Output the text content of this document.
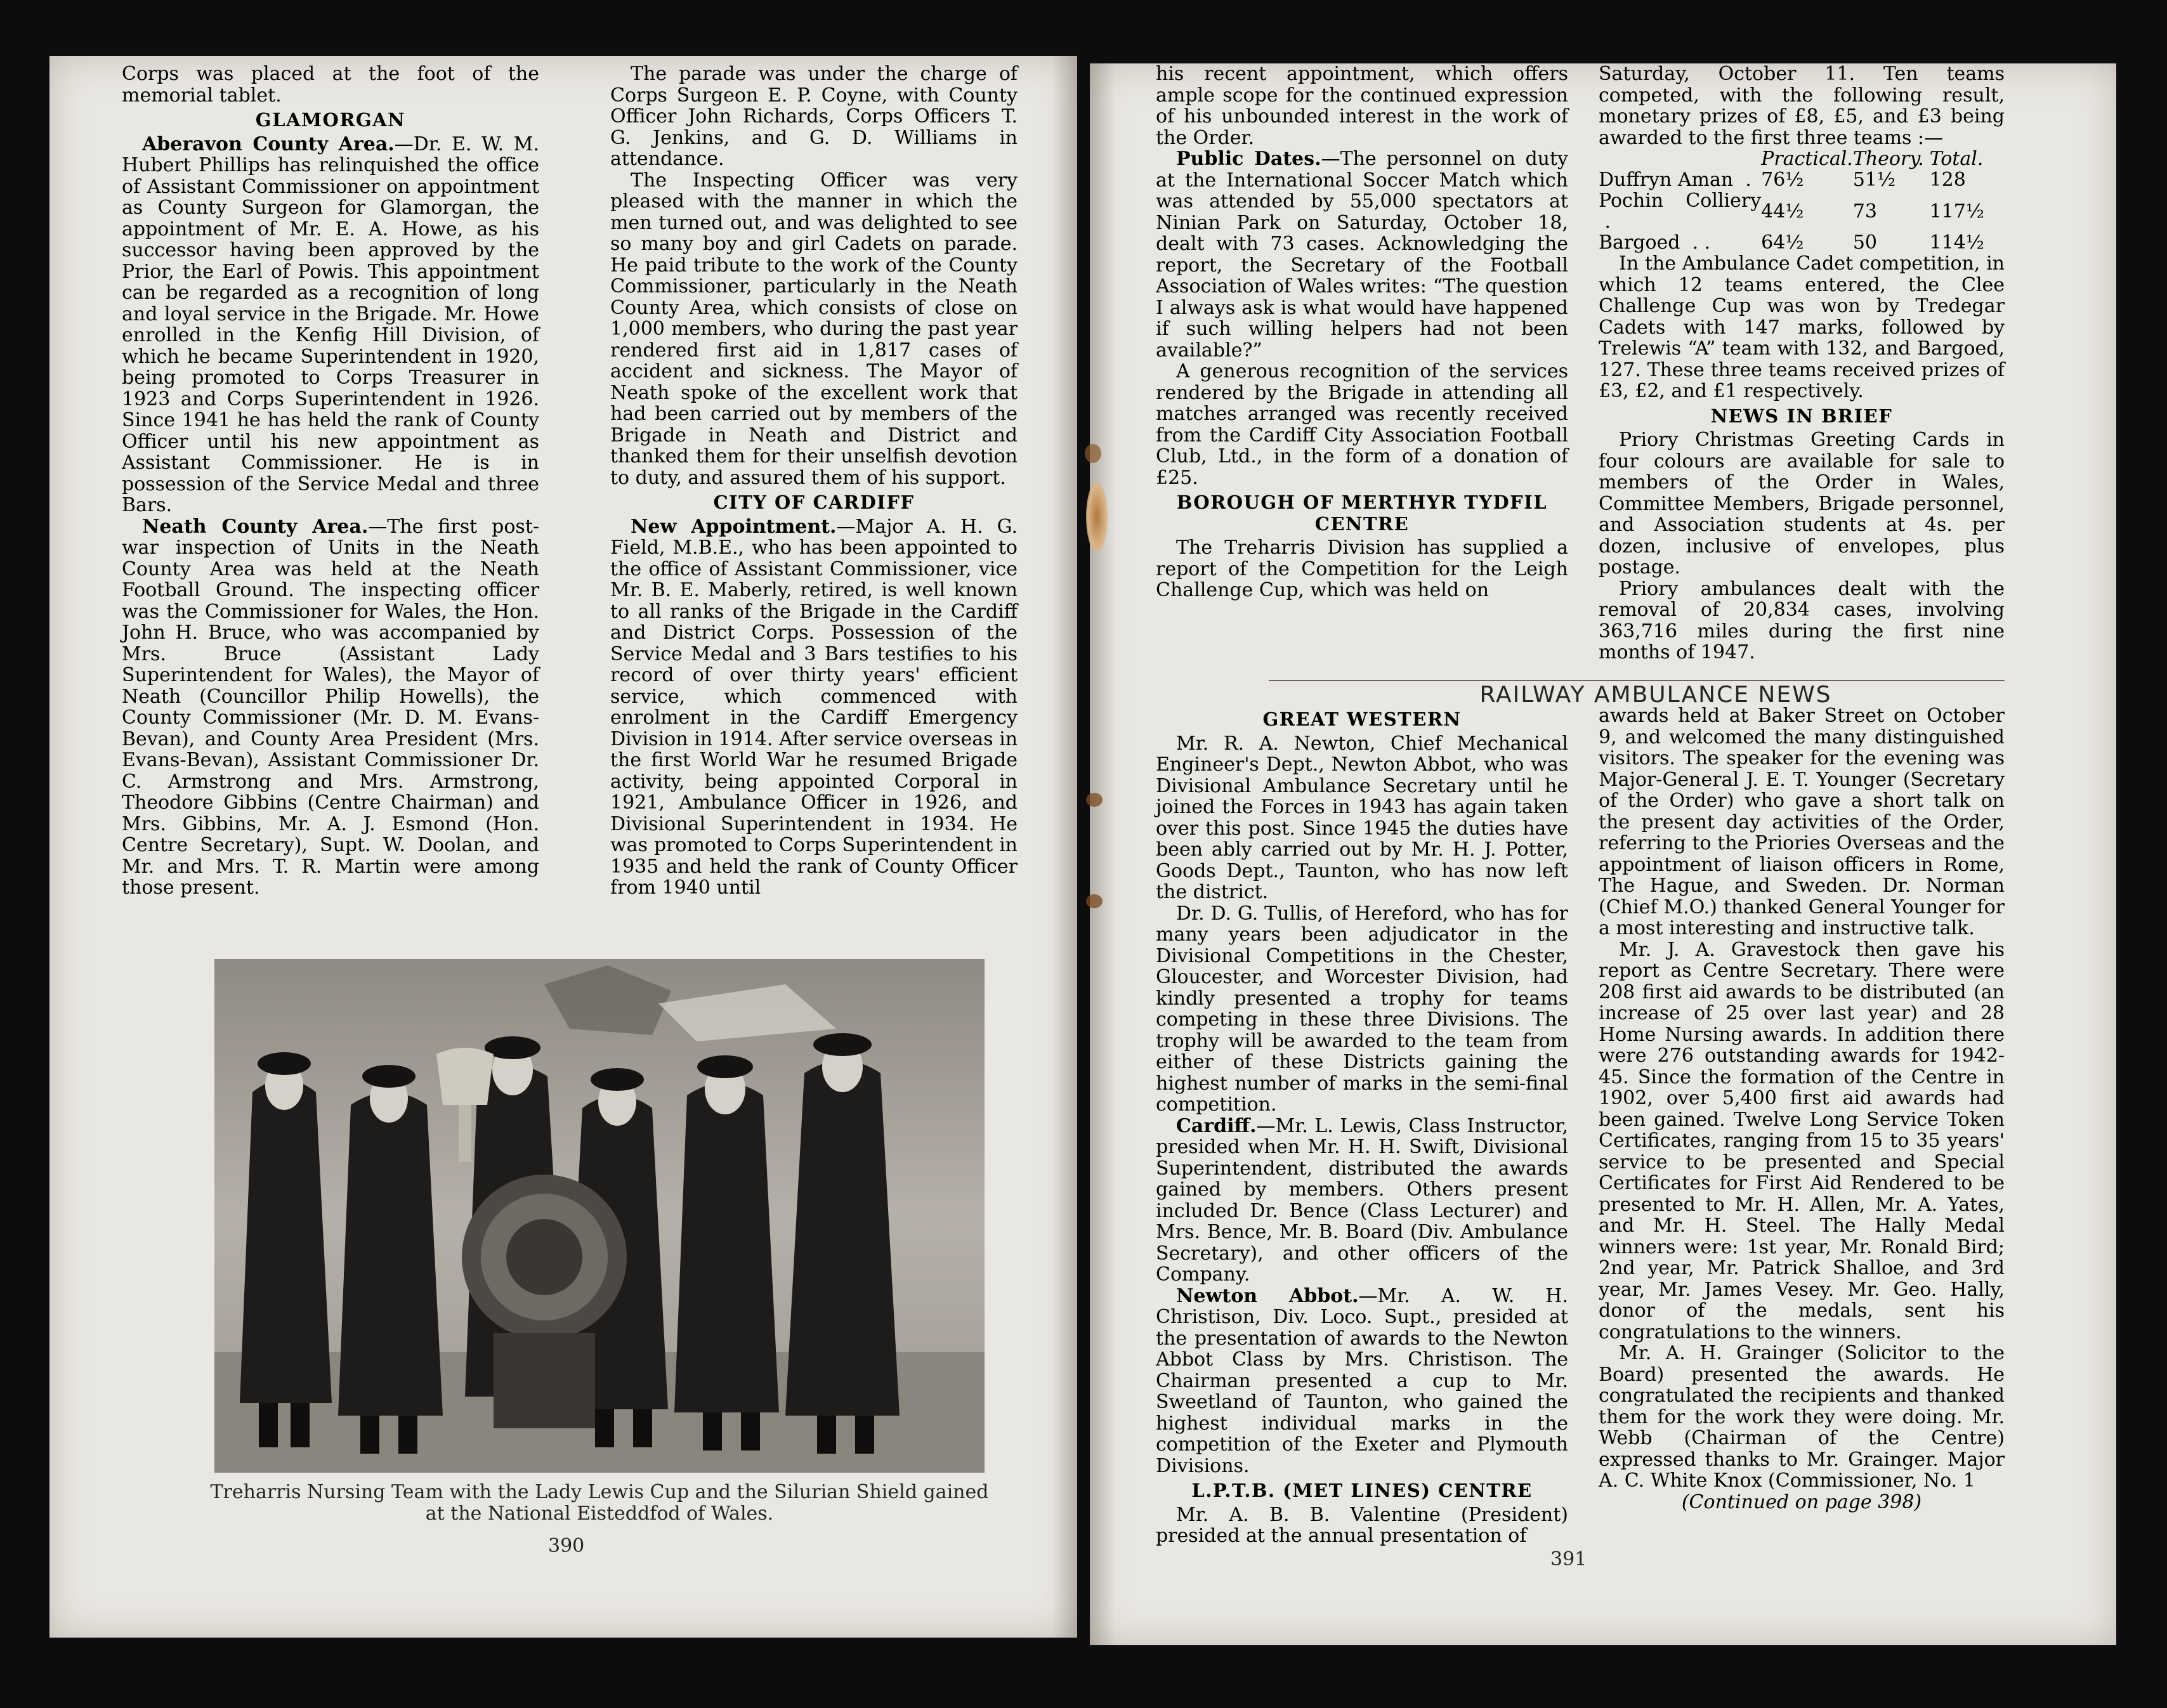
Corps was placed at the foot of the memorial tablet.

GLAMORGAN

Aberavon County Area.—Dr. E. W. M. Hubert Phillips has relinquished the office of Assistant Commissioner on appointment as County Surgeon for Glamorgan, the appointment of Mr. E. A. Howe, as his successor having been approved by the Prior, the Earl of Powis. This appointment can be regarded as a recognition of long and loyal service in the Brigade. Mr. Howe enrolled in the Kenfig Hill Division, of which he became Superintendent in 1920, being promoted to Corps Treasurer in 1923 and Corps Superintendent in 1926. Since 1941 he has held the rank of County Officer until his new appointment as Assistant Commissioner. He is in possession of the Service Medal and three Bars.

Neath County Area.—The first post-war inspection of Units in the Neath County Area was held at the Neath Football Ground. The inspecting officer was the Commissioner for Wales, the Hon. John H. Bruce, who was accompanied by Mrs. Bruce (Assistant Lady Superintendent for Wales), the Mayor of Neath (Councillor Philip Howells), the County Commissioner (Mr. D. M. Evans-Bevan), and County Area President (Mrs. Evans-Bevan), Assistant Commissioner Dr. C. Armstrong and Mrs. Armstrong, Theodore Gibbins (Centre Chairman) and Mrs. Gibbins, Mr. A. J. Esmond (Hon. Centre Secretary), Supt. W. Doolan, and Mr. and Mrs. T. R. Martin were among those present.

The parade was under the charge of Corps Surgeon E. P. Coyne, with County Officer John Richards, Corps Officers T. G. Jenkins, and G. D. Williams in attendance.

The Inspecting Officer was very pleased with the manner in which the men turned out, and was delighted to see so many boy and girl Cadets on parade. He paid tribute to the work of the County Commissioner, particularly in the Neath County Area, which consists of close on 1,000 members, who during the past year rendered first aid in 1,817 cases of accident and sickness. The Mayor of Neath spoke of the excellent work that had been carried out by members of the Brigade in Neath and District and thanked them for their unselfish devotion to duty, and assured them of his support.

CITY OF CARDIFF

New Appointment.—Major A. H. G. Field, M.B.E., who has been appointed to the office of Assistant Commissioner, vice Mr. B. E. Maberly, retired, is well known to all ranks of the Brigade in the Cardiff and District Corps. Possession of the Service Medal and 3 Bars testifies to his record of over thirty years' efficient service, which commenced with enrolment in the Cardiff Emergency Division in 1914. After service overseas in the first World War he resumed Brigade activity, being appointed Corporal in 1921, Ambulance Officer in 1926, and Divisional Superintendent in 1934. He was promoted to Corps Superintendent in 1935 and held the rank of County Officer from 1940 until

Treharris Nursing Team with the Lady Lewis Cup and the Silurian Shield gained at the National Eisteddfod of Wales.
390

his recent appointment, which offers ample scope for the continued expression of his unbounded interest in the work of the Order.

Public Dates.—The personnel on duty at the International Soccer Match which was attended by 55,000 spectators at Ninian Park on Saturday, October 18, dealt with 73 cases. Acknowledging the report, the Secretary of the Football Association of Wales writes: “The question I always ask is what would have happened if such willing helpers had not been available?”

A generous recognition of the services rendered by the Brigade in attending all matches arranged was recently received from the Cardiff City Association Football Club, Ltd., in the form of a donation of £25.

BOROUGH OF MERTHYR TYDFIL CENTRE

The Treharris Division has supplied a report of the Competition for the Leigh Challenge Cup, which was held on

Saturday, October 11. Ten teams competed, with the following result, monetary prizes of £8, £5, and £3 being awarded to the first three teams :—

	Practical.	Theory.	Total.
Duffryn Aman .	76½	51½	128
Pochin Colliery  .	44½	73	117½
Bargoed . .	64½	50	114½

In the Ambulance Cadet competition, in which 12 teams entered, the Clee Challenge Cup was won by Tredegar Cadets with 147 marks, followed by Trelewis “A” team with 132, and Bargoed, 127. These three teams received prizes of £3, £2, and £1 respectively.

NEWS IN BRIEF

Priory Christmas Greeting Cards in four colours are available for sale to members of the Order in Wales, Committee Members, Brigade personnel, and Association students at 4s. per dozen, inclusive of envelopes, plus postage.

Priory ambulances dealt with the removal of 20,834 cases, involving 363,716 miles during the first nine months of 1947.

RAILWAY AMBULANCE NEWS
GREAT WESTERN

Mr. R. A. Newton, Chief Mechanical Engineer's Dept., Newton Abbot, who was Divisional Ambulance Secretary until he joined the Forces in 1943 has again taken over this post. Since 1945 the duties have been ably carried out by Mr. H. J. Potter, Goods Dept., Taunton, who has now left the district.

Dr. D. G. Tullis, of Hereford, who has for many years been adjudicator in the Divisional Competitions in the Chester, Gloucester, and Worcester Division, had kindly presented a trophy for teams competing in these three Divisions. The trophy will be awarded to the team from either of these Districts gaining the highest number of marks in the semi-final competition.

Cardiff.—Mr. L. Lewis, Class Instructor, presided when Mr. H. H. Swift, Divisional Superintendent, distributed the awards gained by members. Others present included Dr. Bence (Class Lecturer) and Mrs. Bence, Mr. B. Board (Div. Ambulance Secretary), and other officers of the Company.

Newton Abbot.—Mr. A. W. H. Christison, Div. Loco. Supt., presided at the presentation of awards to the Newton Abbot Class by Mrs. Christison. The Chairman presented a cup to Mr. Sweetland of Taunton, who gained the highest individual marks in the competition of the Exeter and Plymouth Divisions.

L.P.T.B. (MET LINES) CENTRE

Mr. A. B. B. Valentine (President) presided at the annual presentation of

awards held at Baker Street on October 9, and welcomed the many distinguished visitors. The speaker for the evening was Major-General J. E. T. Younger (Secretary of the Order) who gave a short talk on the present day activities of the Order, referring to the Priories Overseas and the appointment of liaison officers in Rome, The Hague, and Sweden. Dr. Norman (Chief M.O.) thanked General Younger for a most interesting and instructive talk.

Mr. J. A. Gravestock then gave his report as Centre Secretary. There were 208 first aid awards to be distributed (an increase of 25 over last year) and 28 Home Nursing awards. In addition there were 276 outstanding awards for 1942-45. Since the formation of the Centre in 1902, over 5,400 first aid awards had been gained. Twelve Long Service Token Certificates, ranging from 15 to 35 years' service to be presented and Special Certificates for First Aid Rendered to be presented to Mr. H. Allen, Mr. A. Yates, and Mr. H. Steel. The Hally Medal winners were: 1st year, Mr. Ronald Bird; 2nd year, Mr. Patrick Shalloe, and 3rd year, Mr. James Vesey. Mr. Geo. Hally, donor of the medals, sent his congratulations to the winners.

Mr. A. H. Grainger (Solicitor to the Board) presented the awards. He congratulated the recipients and thanked them for the work they were doing. Mr. Webb (Chairman of the Centre) expressed thanks to Mr. Grainger. Major A. C. White Knox (Commissioner, No. 1

(Continued on page 398)

391
